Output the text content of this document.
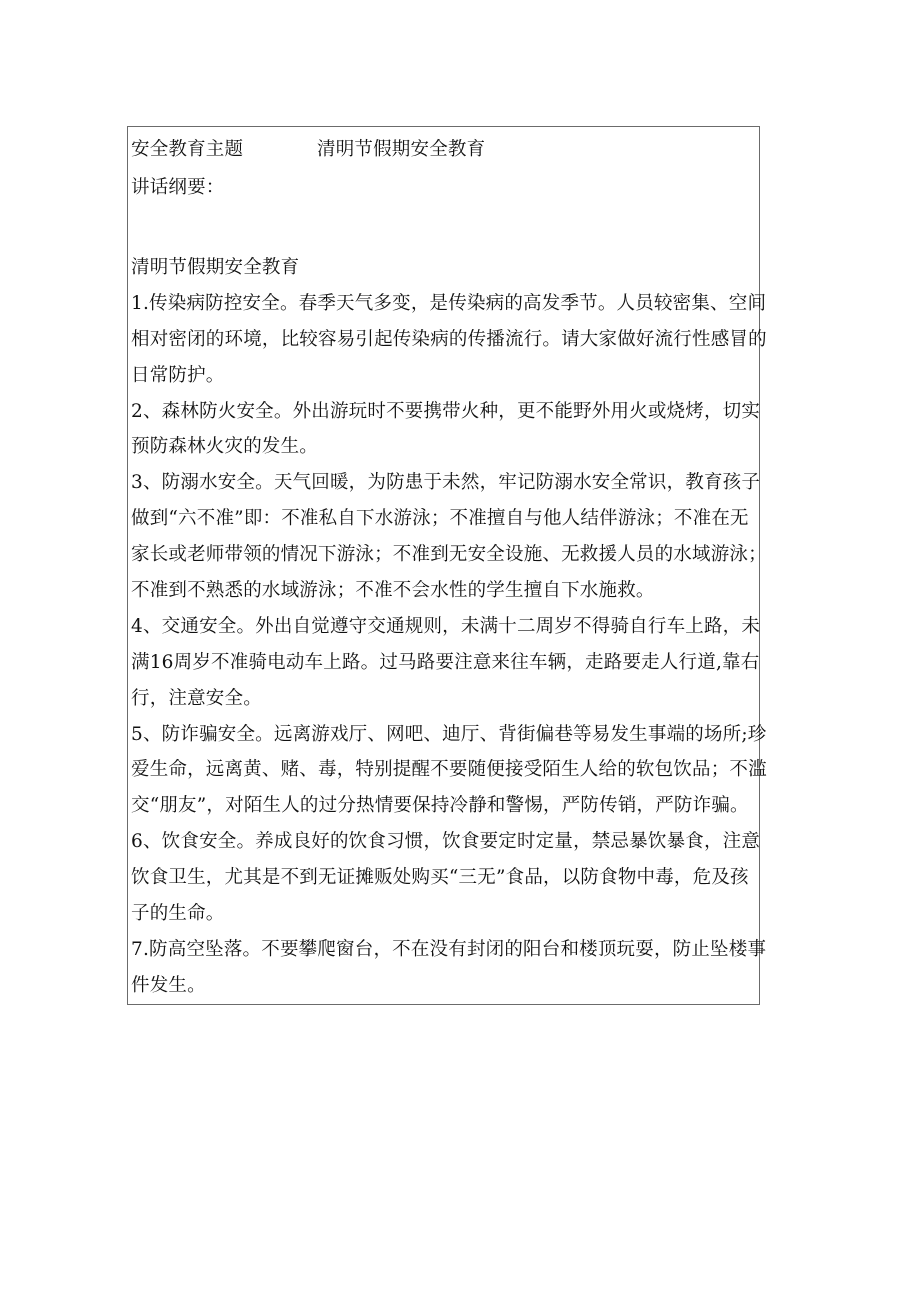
安全教育主题	清明节假期安全教育
讲话纲要：
清明节假期安全教育
1.传染病防控安全。春季天气多变，是传染病的高发季节。人员较密集、空间
相对密闭的环境，比较容易引起传染病的传播流行。请大家做好流行性感冒的
日常防护。
2、森林防火安全。外出游玩时不要携带火种，更不能野外用火或烧烤，切实
预防森林火灾的发生。
3、防溺水安全。天气回暖，为防患于未然，牢记防溺水安全常识，教育孩子
做到“六不准”即：不准私自下水游泳；不准擅自与他人结伴游泳；不准在无
家长或老师带领的情况下游泳；不准到无安全设施、无救援人员的水域游泳；
不准到不熟悉的水域游泳；不准不会水性的学生擅自下水施救。
4、交通安全。外出自觉遵守交通规则，未满十二周岁不得骑自行车上路，未
满16周岁不准骑电动车上路。过马路要注意来往车辆，走路要走人行道,靠右
行，注意安全。
5、防诈骗安全。远离游戏厅、网吧、迪厅、背街偏巷等易发生事端的场所;珍
爱生命，远离黄、赌、毒，特别提醒不要随便接受陌生人给的软包饮品；不滥
交“朋友”，对陌生人的过分热情要保持冷静和警惕，严防传销，严防诈骗。
6、饮食安全。养成良好的饮食习惯，饮食要定时定量，禁忌暴饮暴食，注意
饮食卫生，尤其是不到无证摊贩处购买“三无”食品，以防食物中毒，危及孩
子的生命。
7.防高空坠落。不要攀爬窗台，不在没有封闭的阳台和楼顶玩耍，防止坠楼事
件发生。
